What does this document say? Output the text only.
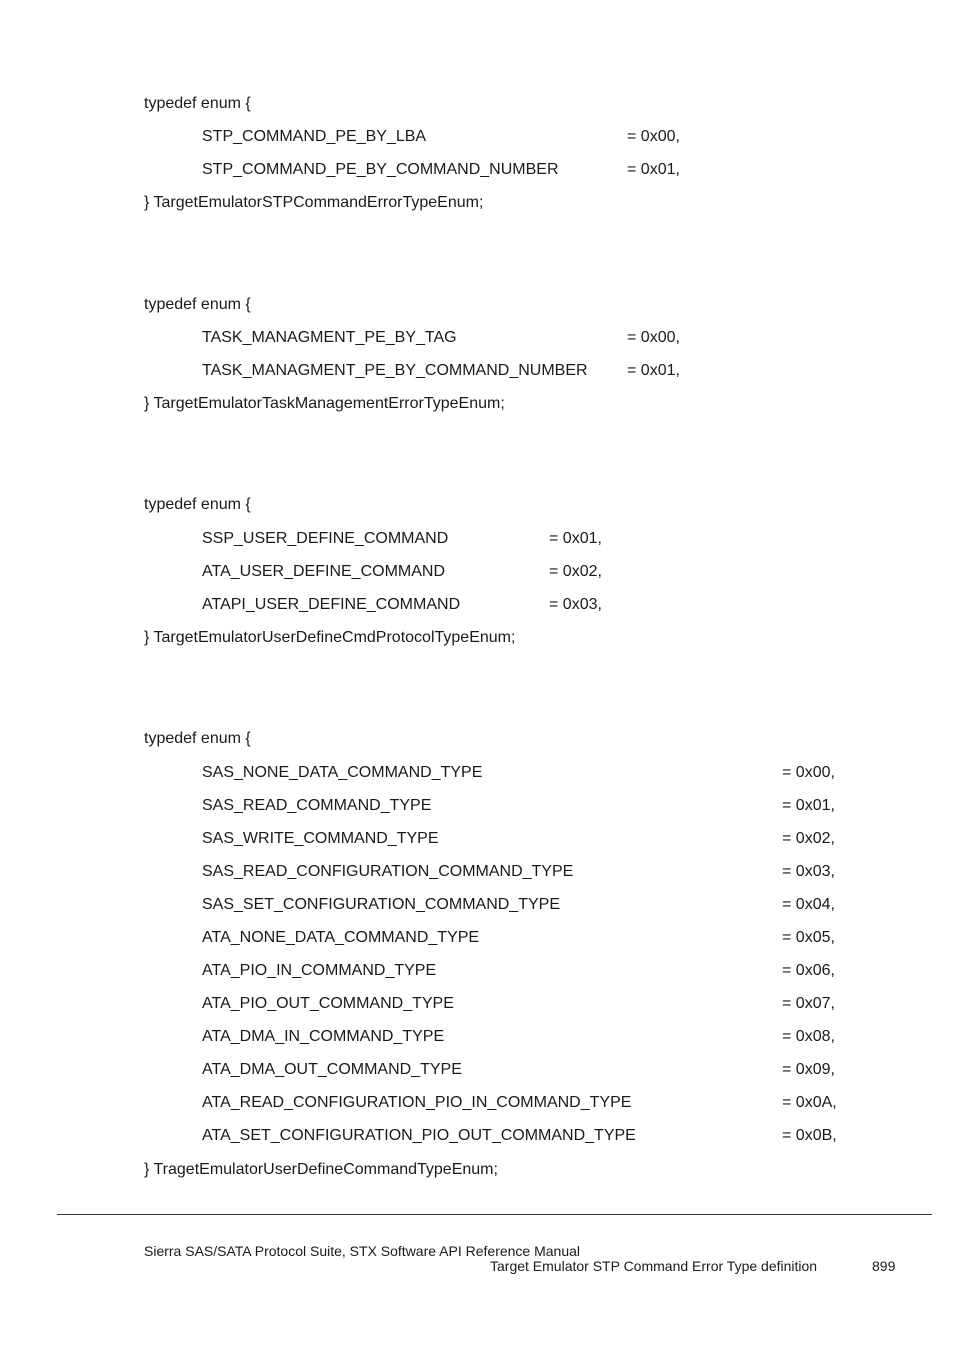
typedef enum {
STP_COMMAND_PE_BY_LBA	= 0x00,
STP_COMMAND_PE_BY_COMMAND_NUMBER	= 0x01,
} TargetEmulatorSTPCommandErrorTypeEnum;
typedef enum {
TASK_MANAGMENT_PE_BY_TAG	= 0x00,
TASK_MANAGMENT_PE_BY_COMMAND_NUMBER = 0x01,
} TargetEmulatorTaskManagementErrorTypeEnum;
typedef enum {
SSP_USER_DEFINE_COMMAND	= 0x01,
ATA_USER_DEFINE_COMMAND	= 0x02,
ATAPI_USER_DEFINE_COMMAND	= 0x03,
} TargetEmulatorUserDefineCmdProtocolTypeEnum;
typedef enum {
SAS_NONE_DATA_COMMAND_TYPE	= 0x00,
SAS_READ_COMMAND_TYPE	= 0x01,
SAS_WRITE_COMMAND_TYPE	= 0x02,
SAS_READ_CONFIGURATION_COMMAND_TYPE	= 0x03,
SAS_SET_CONFIGURATION_COMMAND_TYPE	= 0x04,
ATA_NONE_DATA_COMMAND_TYPE	= 0x05,
ATA_PIO_IN_COMMAND_TYPE	= 0x06,
ATA_PIO_OUT_COMMAND_TYPE	= 0x07,
ATA_DMA_IN_COMMAND_TYPE	= 0x08,
ATA_DMA_OUT_COMMAND_TYPE	= 0x09,
ATA_READ_CONFIGURATION_PIO_IN_COMMAND_TYPE	= 0x0A,
ATA_SET_CONFIGURATION_PIO_OUT_COMMAND_TYPE	= 0x0B,
} TragetEmulatorUserDefineCommandTypeEnum;
Sierra SAS/SATA Protocol Suite, STX Software API Reference Manual
Target Emulator STP Command Error Type definition	899
